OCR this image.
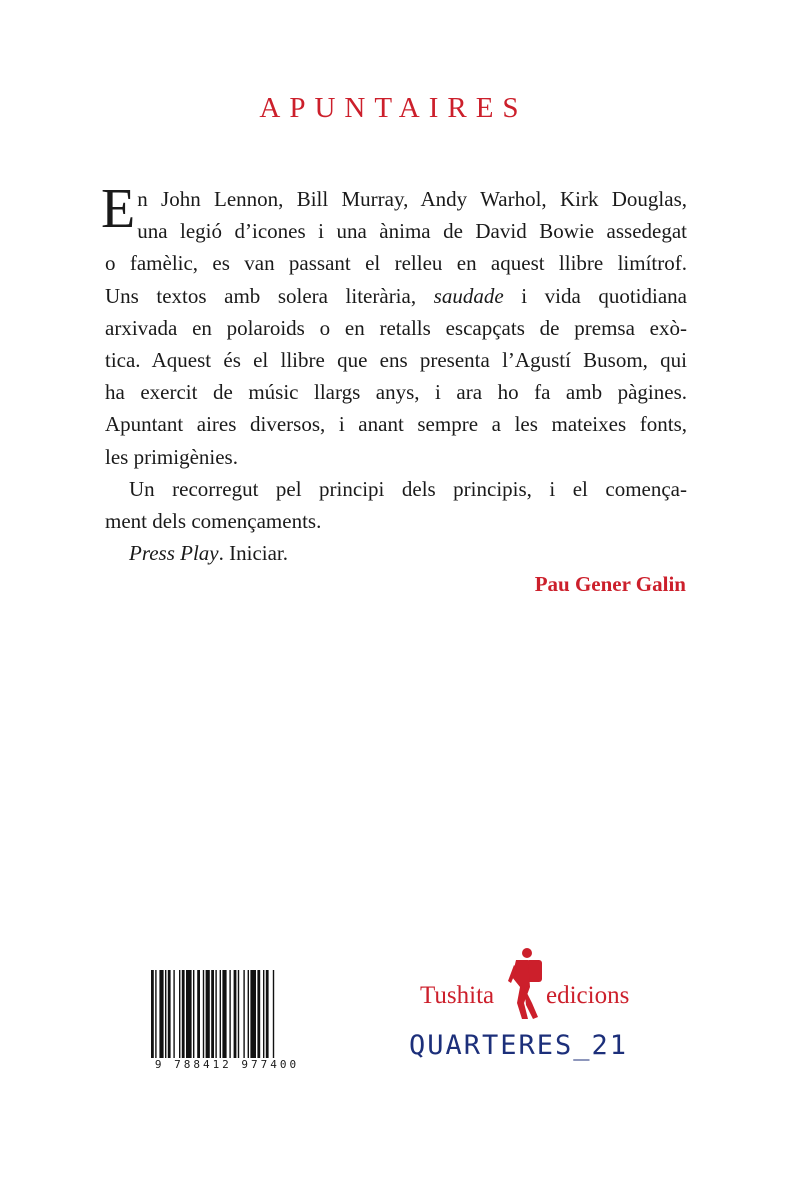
APUNTAIRES
E n John Lennon, Bill Murray, Andy Warhol, Kirk Douglas,
una legió d’icones i una ànima de David Bowie assedegat
o famèlic, es van passant el relleu en aquest llibre limítrof.
Uns textos amb solera literària, saudade i vida quotidiana
arxivada en polaroids o en retalls escapçats de premsa exò-
tica. Aquest és el llibre que ens presenta l’Agustí Busom, qui
ha exercit de músic llargs anys, i ara ho fa amb pàgines.
Apuntant aires diversos, i anant sempre a les mateixes fonts,
les primigènies.
Un recorregut pel principi dels principis, i el comença-
ment dels començaments.
Press Play. Iniciar.
Pau Gener Galin
9 788412 977400
Tushita edicions
QUARTERES_21
